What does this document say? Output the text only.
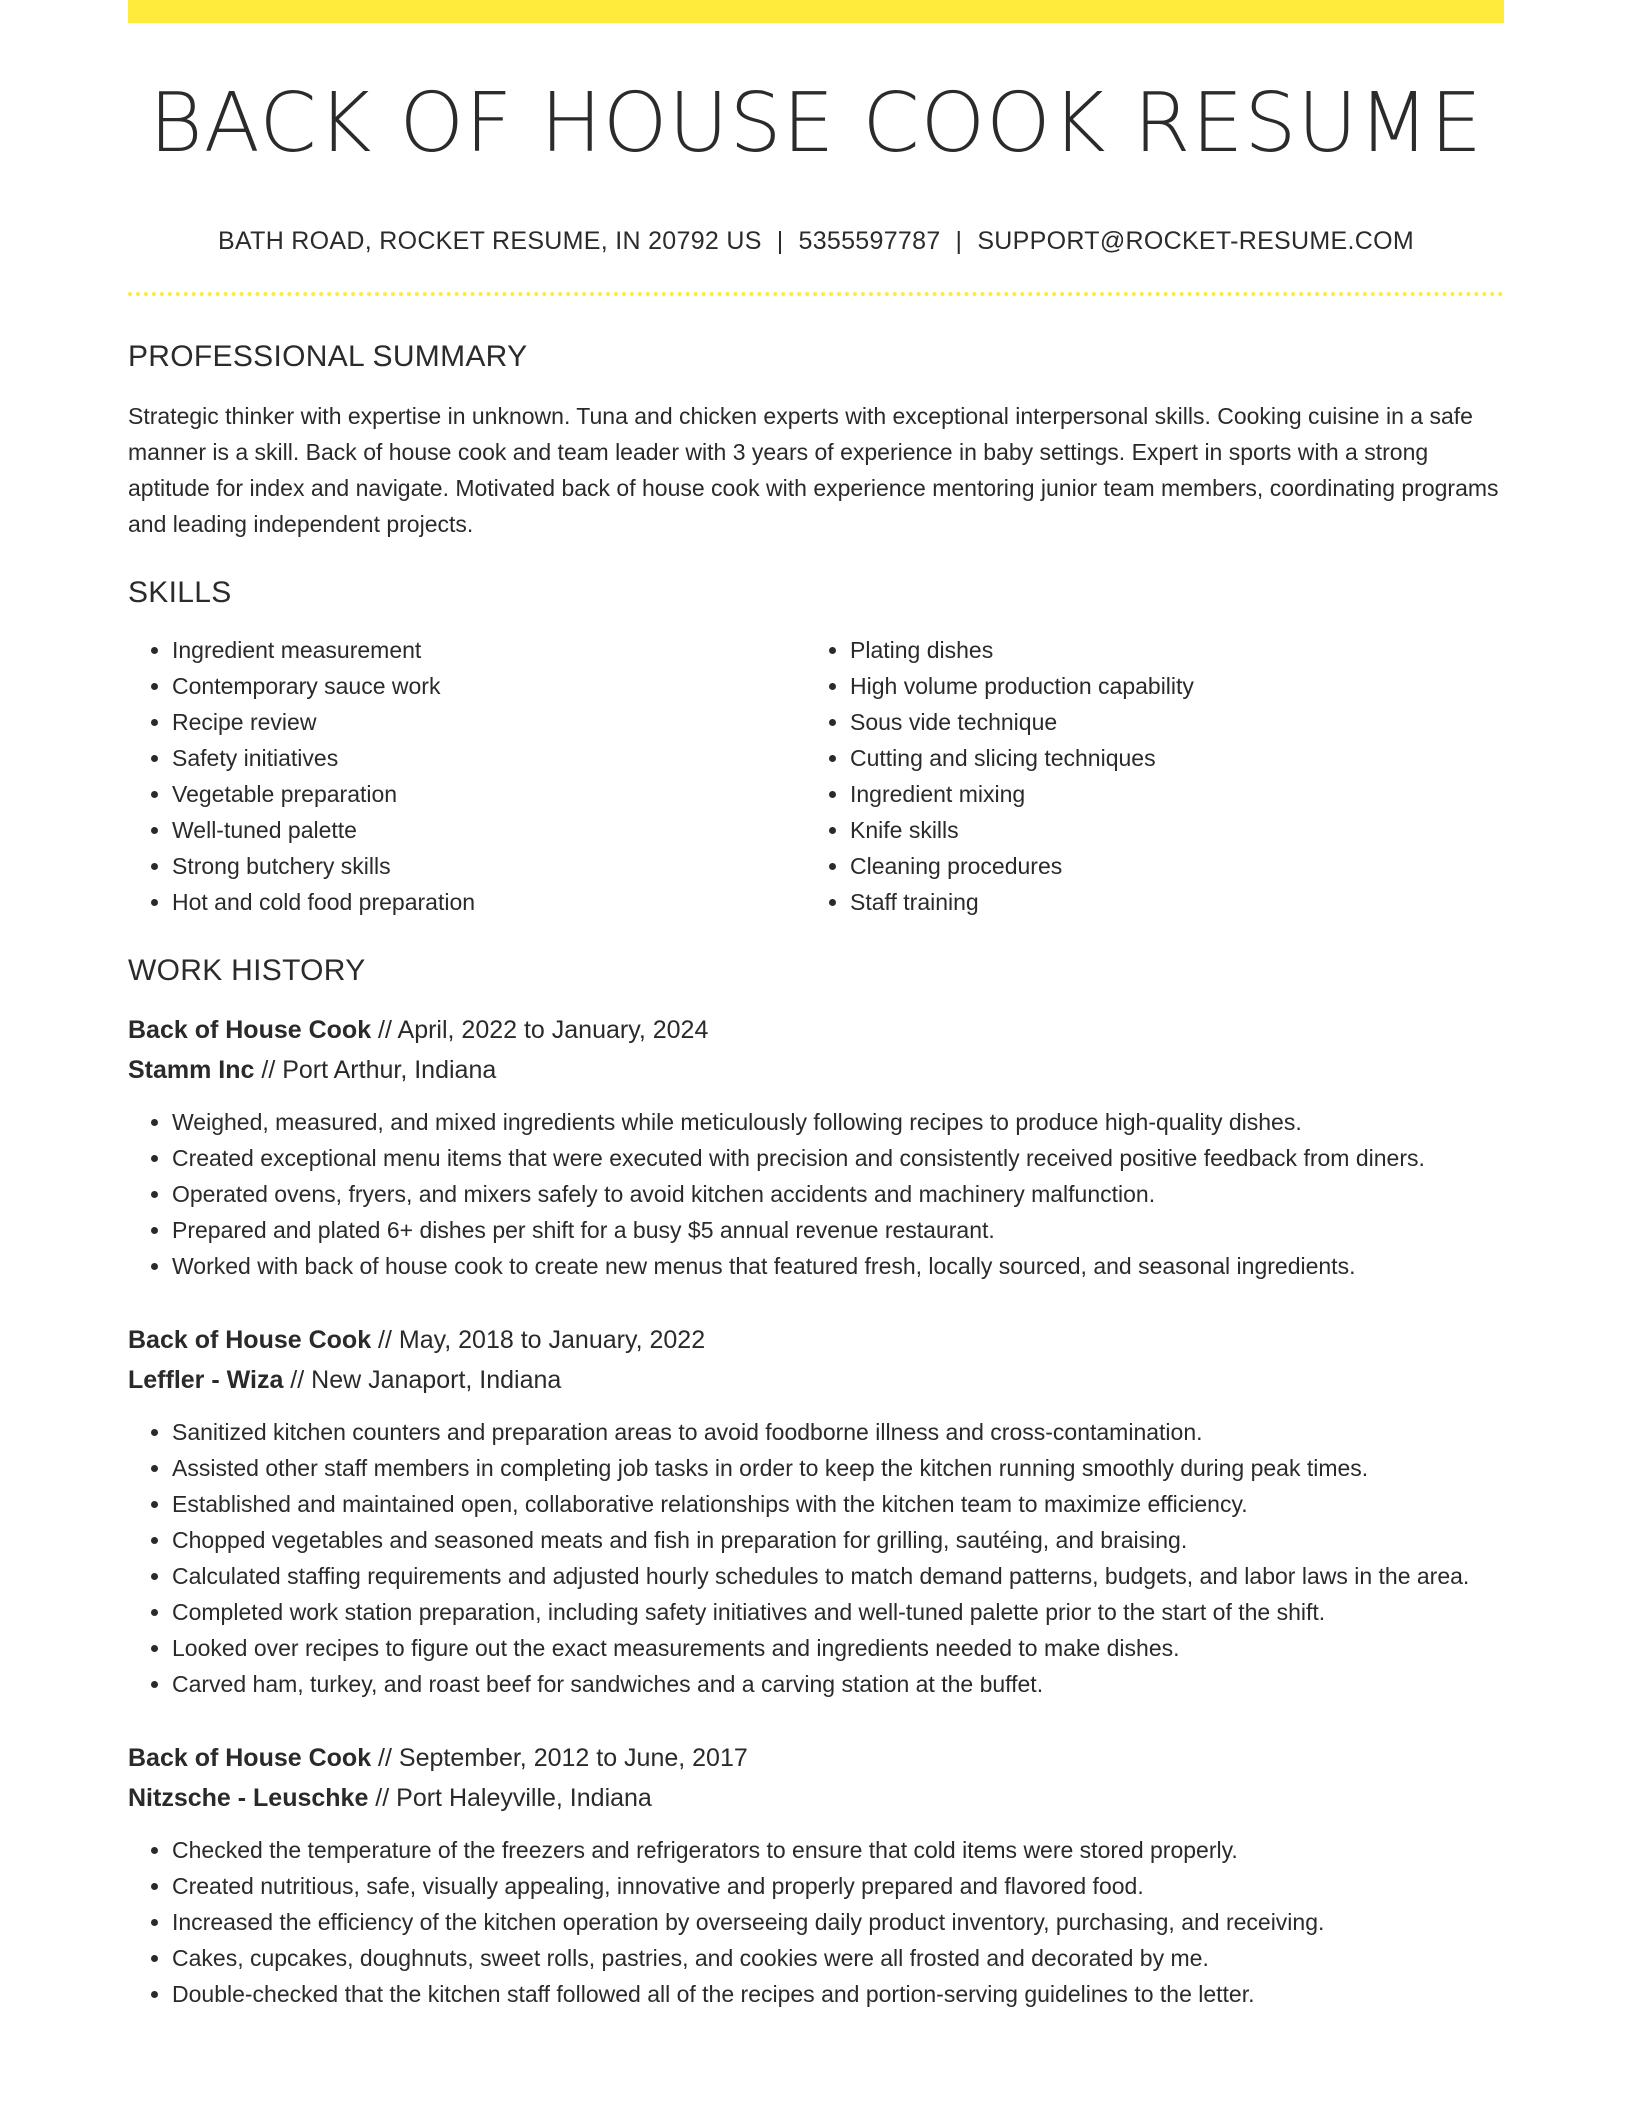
BACK OF HOUSE COOK RESUME
BATH ROAD, ROCKET RESUME, IN 20792 US | 5355597787 | SUPPORT@ROCKET-RESUME.COM
PROFESSIONAL SUMMARY

Strategic thinker with expertise in unknown. Tuna and chicken experts with exceptional interpersonal skills. Cooking cuisine in a safe manner is a skill. Back of house cook and team leader with 3 years of experience in baby settings. Expert in sports with a strong aptitude for index and navigate. Motivated back of house cook with experience mentoring junior team members, coordinating programs and leading independent projects.

SKILLS
• Ingredient measurement
• Contemporary sauce work
• Recipe review
• Safety initiatives
• Vegetable preparation
• Well-tuned palette
• Strong butchery skills
• Hot and cold food preparation
• Plating dishes
• High volume production capability
• Sous vide technique
• Cutting and slicing techniques
• Ingredient mixing
• Knife skills
• Cleaning procedures
• Staff training
WORK HISTORY
Back of House Cook // April, 2022 to January, 2024
Stamm Inc // Port Arthur, Indiana
• Weighed, measured, and mixed ingredients while meticulously following recipes to produce high-quality dishes.
• Created exceptional menu items that were executed with precision and consistently received positive feedback from diners.
• Operated ovens, fryers, and mixers safely to avoid kitchen accidents and machinery malfunction.
• Prepared and plated 6+ dishes per shift for a busy $5 annual revenue restaurant.
• Worked with back of house cook to create new menus that featured fresh, locally sourced, and seasonal ingredients.
Back of House Cook // May, 2018 to January, 2022
Leffler - Wiza // New Janaport, Indiana
• Sanitized kitchen counters and preparation areas to avoid foodborne illness and cross-contamination.
• Assisted other staff members in completing job tasks in order to keep the kitchen running smoothly during peak times.
• Established and maintained open, collaborative relationships with the kitchen team to maximize efficiency.
• Chopped vegetables and seasoned meats and fish in preparation for grilling, sautéing, and braising.
• Calculated staffing requirements and adjusted hourly schedules to match demand patterns, budgets, and labor laws in the area.
• Completed work station preparation, including safety initiatives and well-tuned palette prior to the start of the shift.
• Looked over recipes to figure out the exact measurements and ingredients needed to make dishes.
• Carved ham, turkey, and roast beef for sandwiches and a carving station at the buffet.
Back of House Cook // September, 2012 to June, 2017
Nitzsche - Leuschke // Port Haleyville, Indiana
• Checked the temperature of the freezers and refrigerators to ensure that cold items were stored properly.
• Created nutritious, safe, visually appealing, innovative and properly prepared and flavored food.
• Increased the efficiency of the kitchen operation by overseeing daily product inventory, purchasing, and receiving.
• Cakes, cupcakes, doughnuts, sweet rolls, pastries, and cookies were all frosted and decorated by me.
• Double-checked that the kitchen staff followed all of the recipes and portion-serving guidelines to the letter.
